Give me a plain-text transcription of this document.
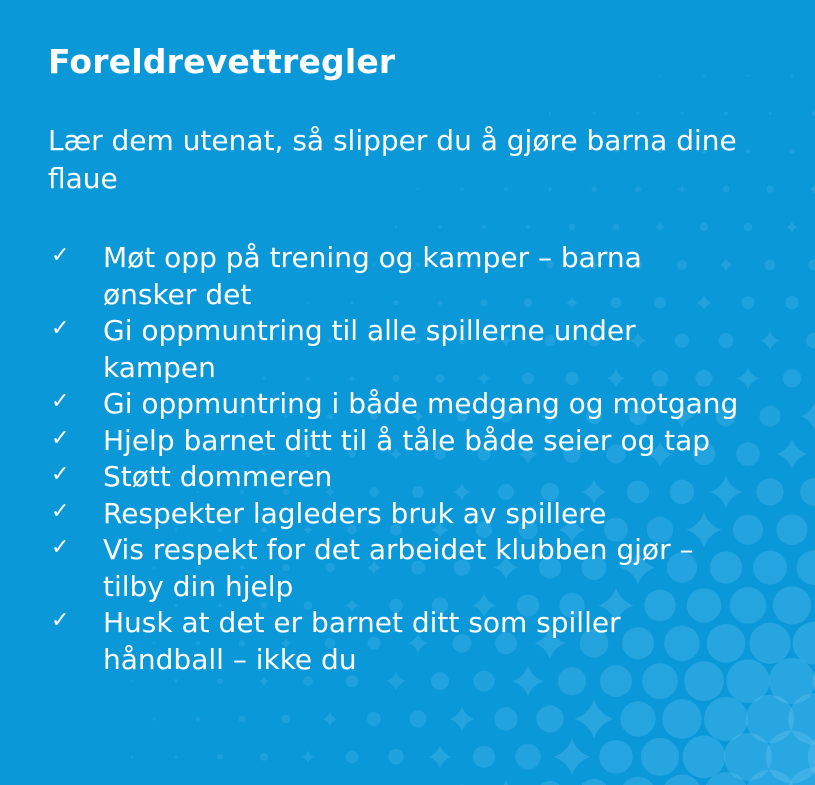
Foreldrevettregler

Lær dem utenat, så slipper du å gjøre barna dine flaue

✓ Møt opp på trening og kamper – barna ønsker det
✓ Gi oppmuntring til alle spillerne under kampen
✓ Gi oppmuntring i både medgang og motgang
✓ Hjelp barnet ditt til å tåle både seier og tap
✓ Støtt dommeren
✓ Respekter lagleders bruk av spillere
✓ Vis respekt for det arbeidet klubben gjør – tilby din hjelp
✓ Husk at det er barnet ditt som spiller håndball – ikke du
